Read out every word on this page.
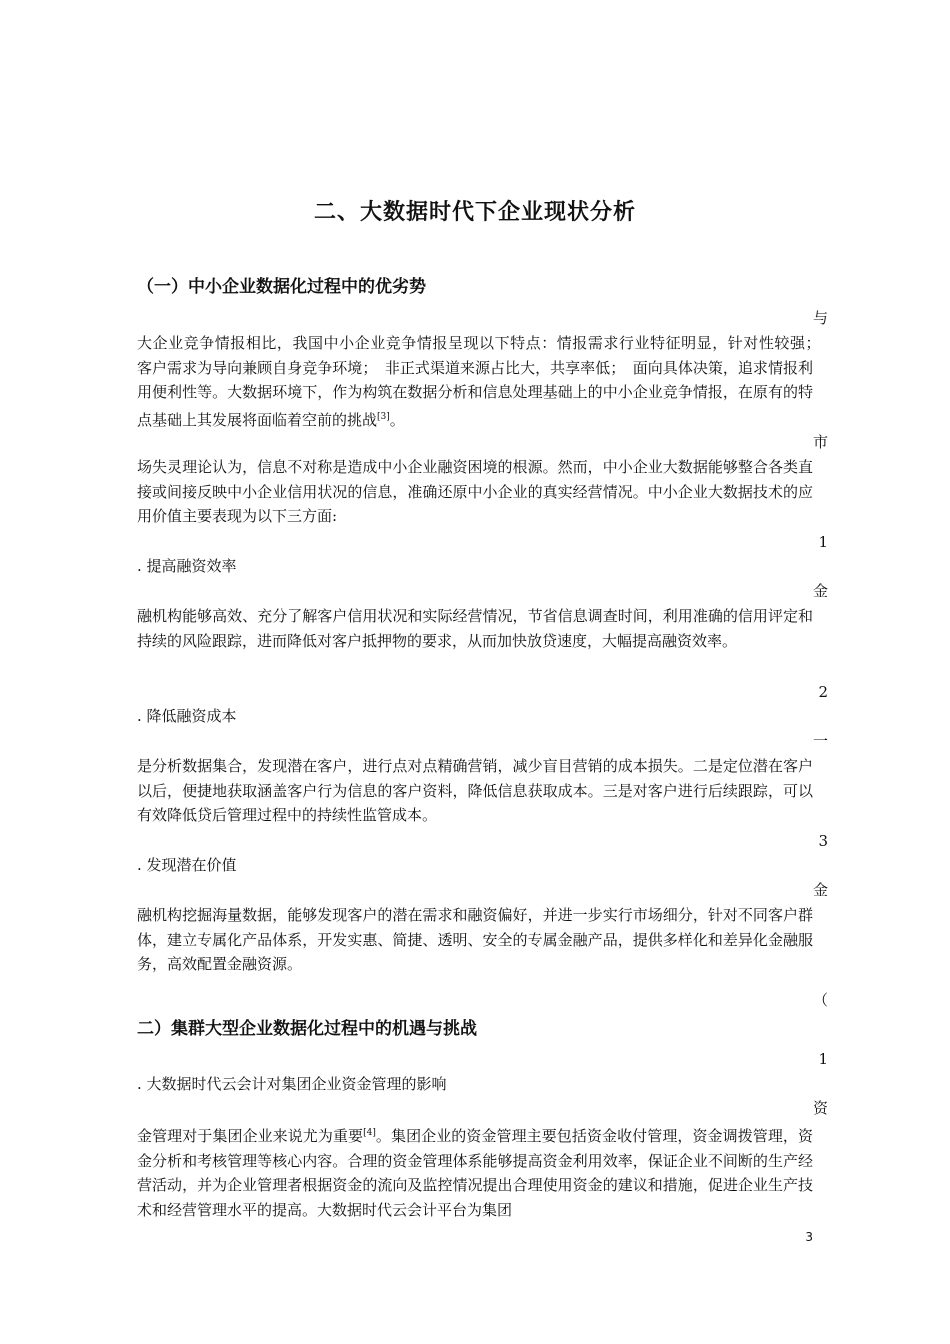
二、大数据时代下企业现状分析
（一）中小企业数据化过程中的优劣势
与
大企业竞争情报相比，我国中小企业竞争情报呈现以下特点：情报需求行业特征明显，针对性较强；　客户需求为导向兼顾自身竞争环境；　非正式渠道来源占比大，共享率低；　面向具体决策，追求情报利用便利性等。大数据环境下，作为构筑在数据分析和信息处理基础上的中小企业竞争情报，在原有的特点基础上其发展将面临着空前的挑战[3]。
市
场失灵理论认为，信息不对称是造成中小企业融资困境的根源。然而，中小企业大数据能够整合各类直接或间接反映中小企业信用状况的信息，准确还原中小企业的真实经营情况。中小企业大数据技术的应用价值主要表现为以下三方面:
1
. 提高融资效率
金
融机构能够高效、充分了解客户信用状况和实际经营情况，节省信息调查时间，利用准确的信用评定和持续的风险跟踪，进而降低对客户抵押物的要求，从而加快放贷速度，大幅提高融资效率。
2
. 降低融资成本
一
是分析数据集合，发现潜在客户，进行点对点精确营销，减少盲目营销的成本损失。二是定位潜在客户以后，便捷地获取涵盖客户行为信息的客户资料，降低信息获取成本。三是对客户进行后续跟踪，可以有效降低贷后管理过程中的持续性监管成本。
3
. 发现潜在价值
金
融机构挖掘海量数据，能够发现客户的潜在需求和融资偏好，并进一步实行市场细分，针对不同客户群体，建立专属化产品体系，开发实惠、简捷、透明、安全的专属金融产品，提供多样化和差异化金融服务，高效配置金融资源。
（
二）集群大型企业数据化过程中的机遇与挑战
1
. 大数据时代云会计对集团企业资金管理的影响
资
金管理对于集团企业来说尤为重要[4]。集团企业的资金管理主要包括资金收付管理，资金调拨管理，资金分析和考核管理等核心内容。合理的资金管理体系能够提高资金利用效率，保证企业不间断的生产经营活动，并为企业管理者根据资金的流向及监控情况提出合理使用资金的建议和措施，促进企业生产技术和经营管理水平的提高。大数据时代云会计平台为集团
3
